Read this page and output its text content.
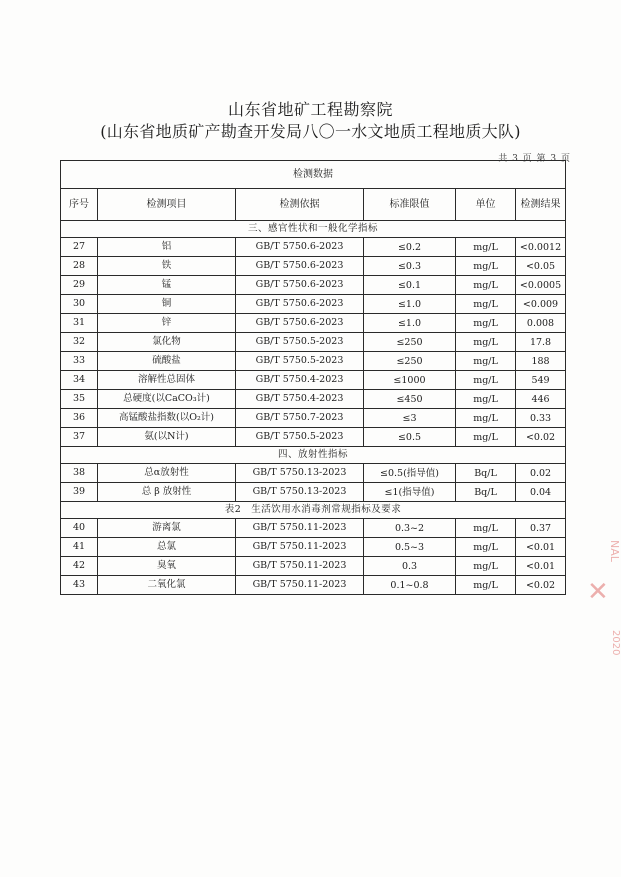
山东省地矿工程勘察院
(山东省地质矿产勘查开发局八〇一水文地质工程地质大队)
共 3 页 第 3 页
检测数据					
序号	检测项目	检测依据	标准限值	单位	检测结果
三、感官性状和一般化学指标					
27	铝	GB/T 5750.6-2023	≤0.2	mg/L	<0.0012
28	铁	GB/T 5750.6-2023	≤0.3	mg/L	<0.05
29	锰	GB/T 5750.6-2023	≤0.1	mg/L	<0.0005
30	铜	GB/T 5750.6-2023	≤1.0	mg/L	<0.009
31	锌	GB/T 5750.6-2023	≤1.0	mg/L	0.008
32	氯化物	GB/T 5750.5-2023	≤250	mg/L	17.8
33	硫酸盐	GB/T 5750.5-2023	≤250	mg/L	188
34	溶解性总固体	GB/T 5750.4-2023	≤1000	mg/L	549
35	总硬度(以CaCO₃计)	GB/T 5750.4-2023	≤450	mg/L	446
36	高锰酸盐指数(以O₂计)	GB/T 5750.7-2023	≤3	mg/L	0.33
37	氨(以N计)	GB/T 5750.5-2023	≤0.5	mg/L	<0.02
四、放射性指标					
38	总α放射性	GB/T 5750.13-2023	≤0.5(指导值)	Bq/L	0.02
39	总 β 放射性	GB/T 5750.13-2023	≤1(指导值)	Bq/L	0.04
表2　生活饮用水消毒剂常规指标及要求					
40	游离氯	GB/T 5750.11-2023	0.3~2	mg/L	0.37
41	总氯	GB/T 5750.11-2023	0.5~3	mg/L	<0.01
42	臭氧	GB/T 5750.11-2023	0.3	mg/L	<0.01
43	二氧化氯	GB/T 5750.11-2023	0.1~0.8	mg/L	<0.02
NAL
✕
2020
